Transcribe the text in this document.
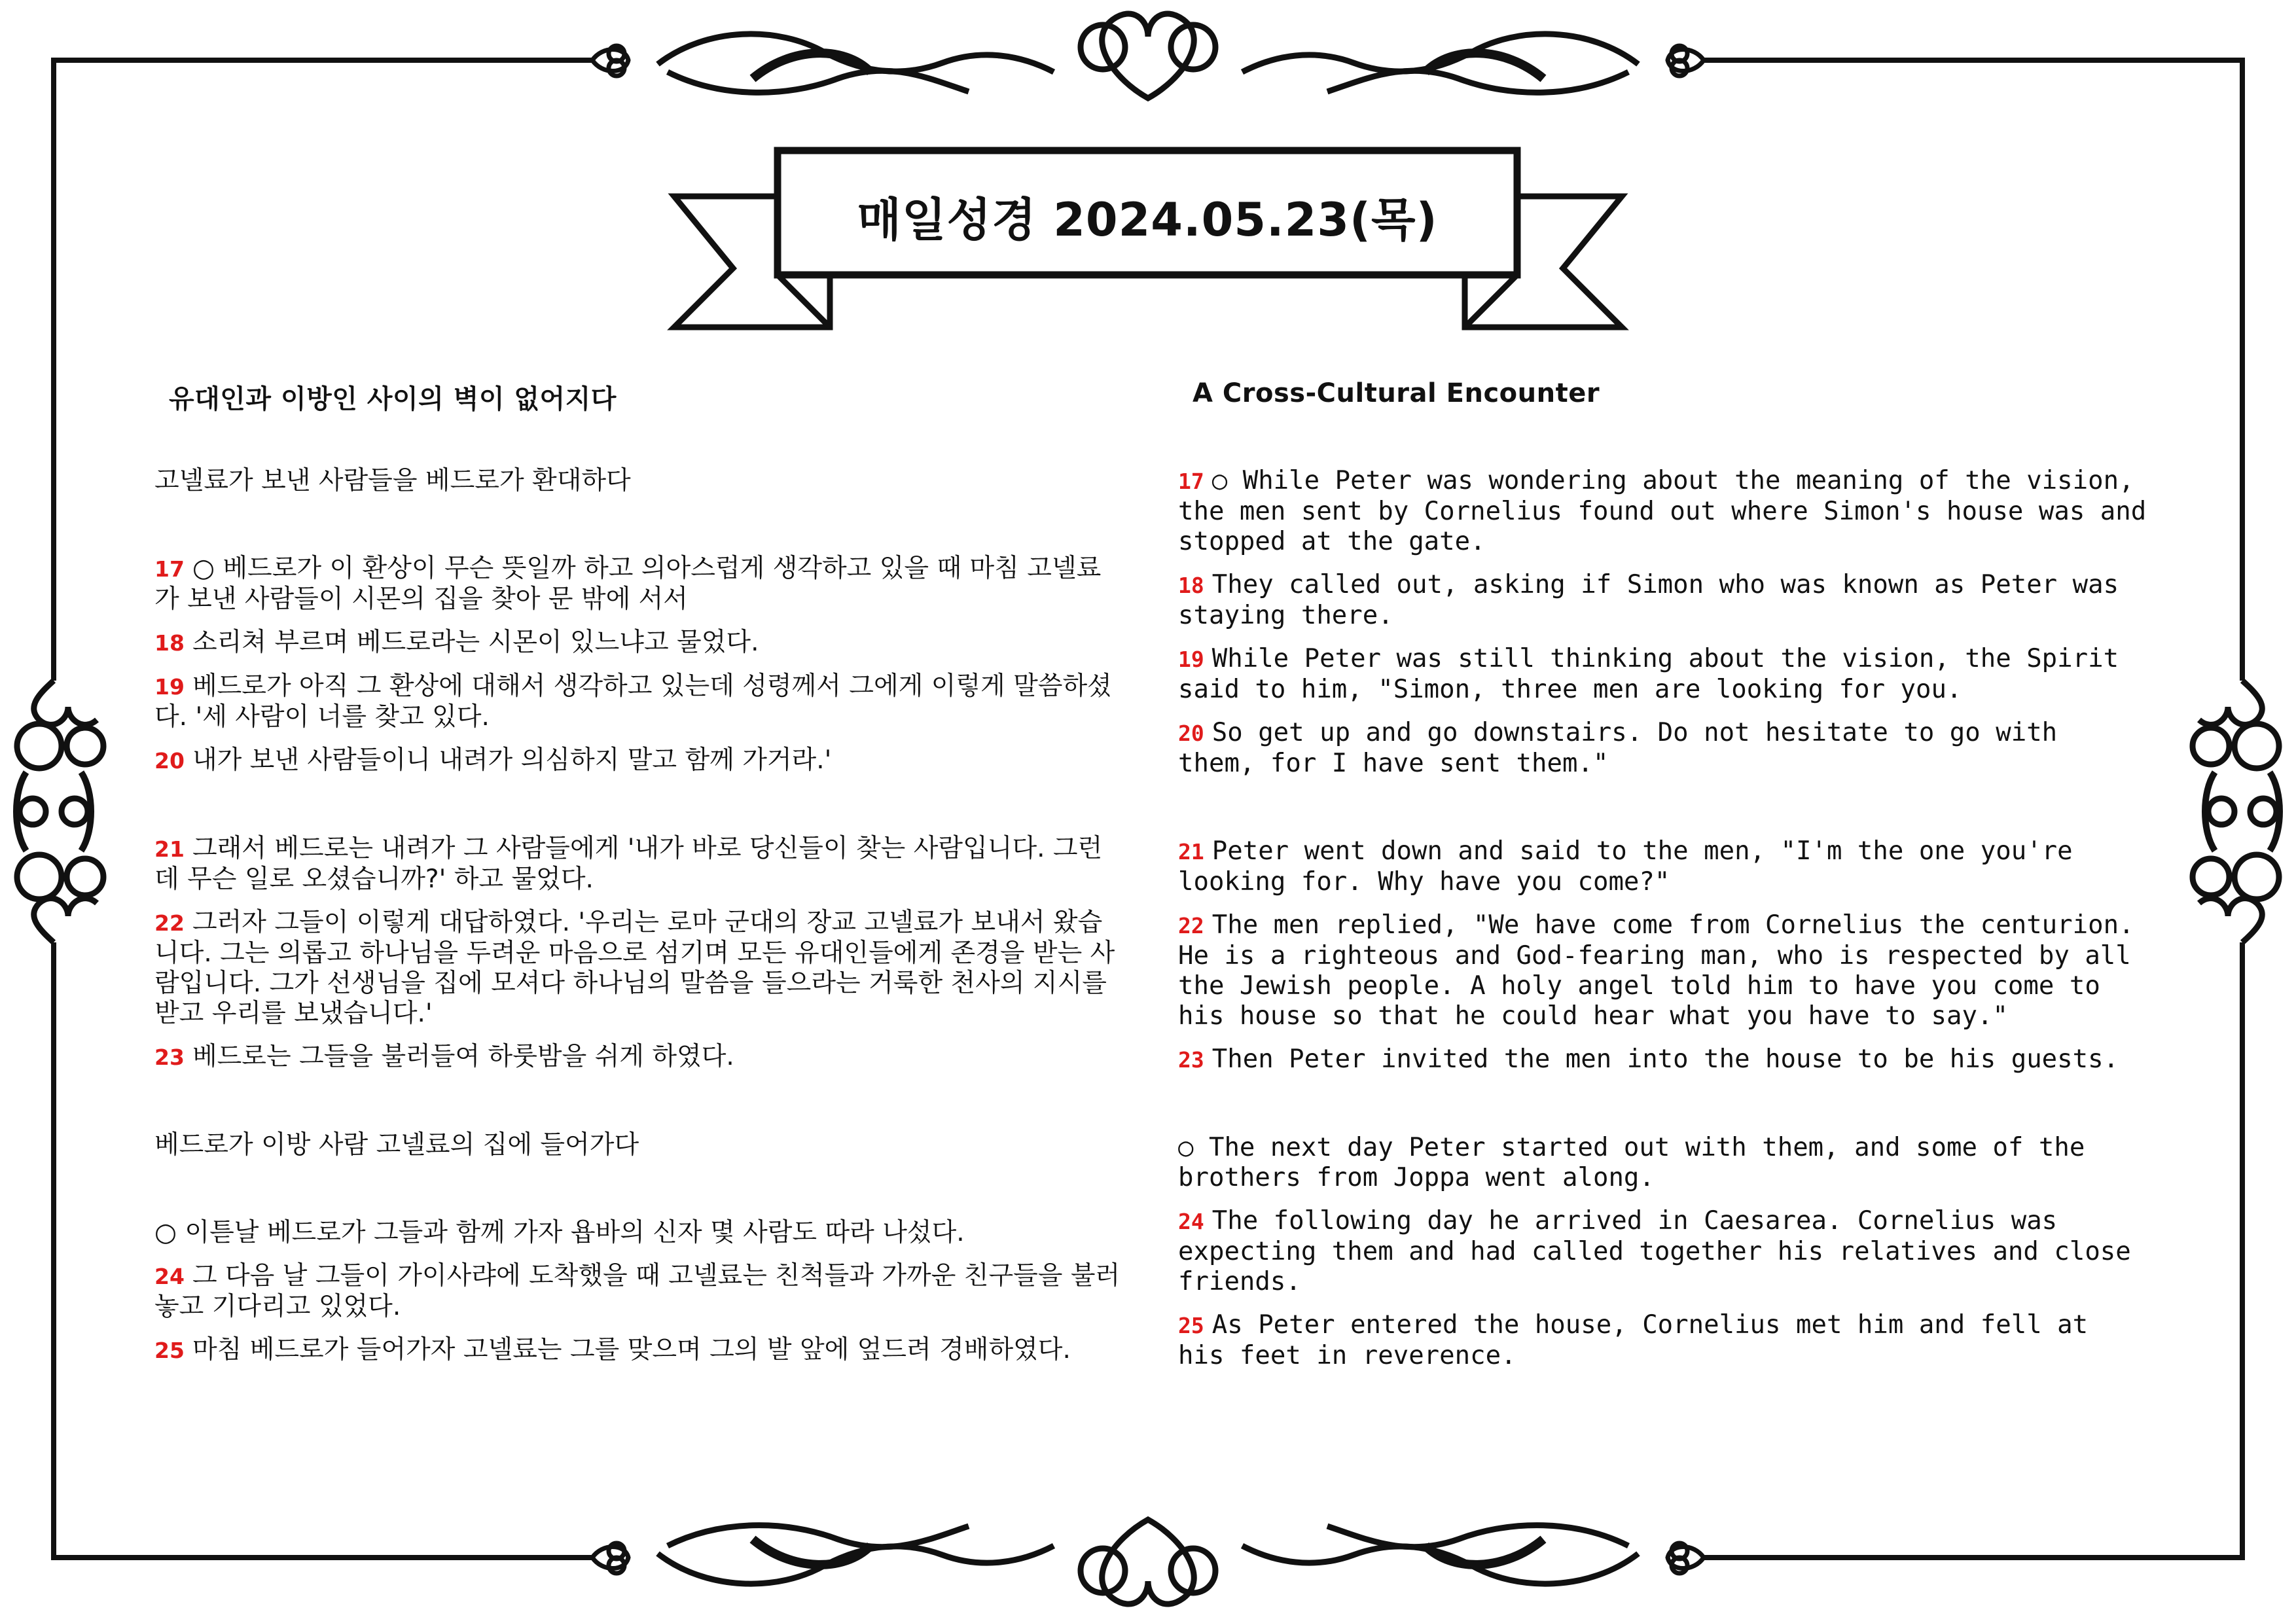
매일성경 2024.05.23(목)
유대인과 이방인 사이의 벽이 없어지다	A Cross-Cultural Encounter

고넬료가 보낸 사람들을 베드로가 환대하다

17 ○ 베드로가 이 환상이 무슨 뜻일까 하고 의아스럽게 생각하고 있을 때 마침 고넬료가 보낸 사람들이 시몬의 집을 찾아 문 밖에 서서

18 소리쳐 부르며 베드로라는 시몬이 있느냐고 물었다.

19 베드로가 아직 그 환상에 대해서 생각하고 있는데 성령께서 그에게 이렇게 말씀하셨다. '세 사람이 너를 찾고 있다.

20 내가 보낸 사람들이니 내려가 의심하지 말고 함께 가거라.'

21 그래서 베드로는 내려가 그 사람들에게 '내가 바로 당신들이 찾는 사람입니다. 그런데 무슨 일로 오셨습니까?' 하고 물었다.

22 그러자 그들이 이렇게 대답하였다. '우리는 로마 군대의 장교 고넬료가 보내서 왔습니다. 그는 의롭고 하나님을 두려운 마음으로 섬기며 모든 유대인들에게 존경을 받는 사람입니다. 그가 선생님을 집에 모셔다 하나님의 말씀을 들으라는 거룩한 천사의 지시를 받고 우리를 보냈습니다.'

23 베드로는 그들을 불러들여 하룻밤을 쉬게 하였다.

베드로가 이방 사람 고넬료의 집에 들어가다

○ 이튿날 베드로가 그들과 함께 가자 욥바의 신자 몇 사람도 따라 나섰다.

24 그 다음 날 그들이 가이사랴에 도착했을 때 고넬료는 친척들과 가까운 친구들을 불러 놓고 기다리고 있었다.

25 마침 베드로가 들어가자 고넬료는 그를 맞으며 그의 발 앞에 엎드려 경배하였다.

17 ○ While Peter was wondering about the meaning of the vision, the men sent by Cornelius found out where Simon's house was and stopped at the gate.

18 They called out, asking if Simon who was known as Peter was staying there.

19 While Peter was still thinking about the vision, the Spirit said to him, "Simon, three men are looking for you.

20 So get up and go downstairs. Do not hesitate to go with them, for I have sent them."

21 Peter went down and said to the men, "I'm the one you're looking for. Why have you come?"

22 The men replied, "We have come from Cornelius the centurion. He is a righteous and God-fearing man, who is respected by all the Jewish people. A holy angel told him to have you come to his house so that he could hear what you have to say."

23 Then Peter invited the men into the house to be his guests.

○ The next day Peter started out with them, and some of the brothers from Joppa went along.

24 The following day he arrived in Caesarea. Cornelius was expecting them and had called together his relatives and close friends.

25 As Peter entered the house, Cornelius met him and fell at his feet in reverence.
